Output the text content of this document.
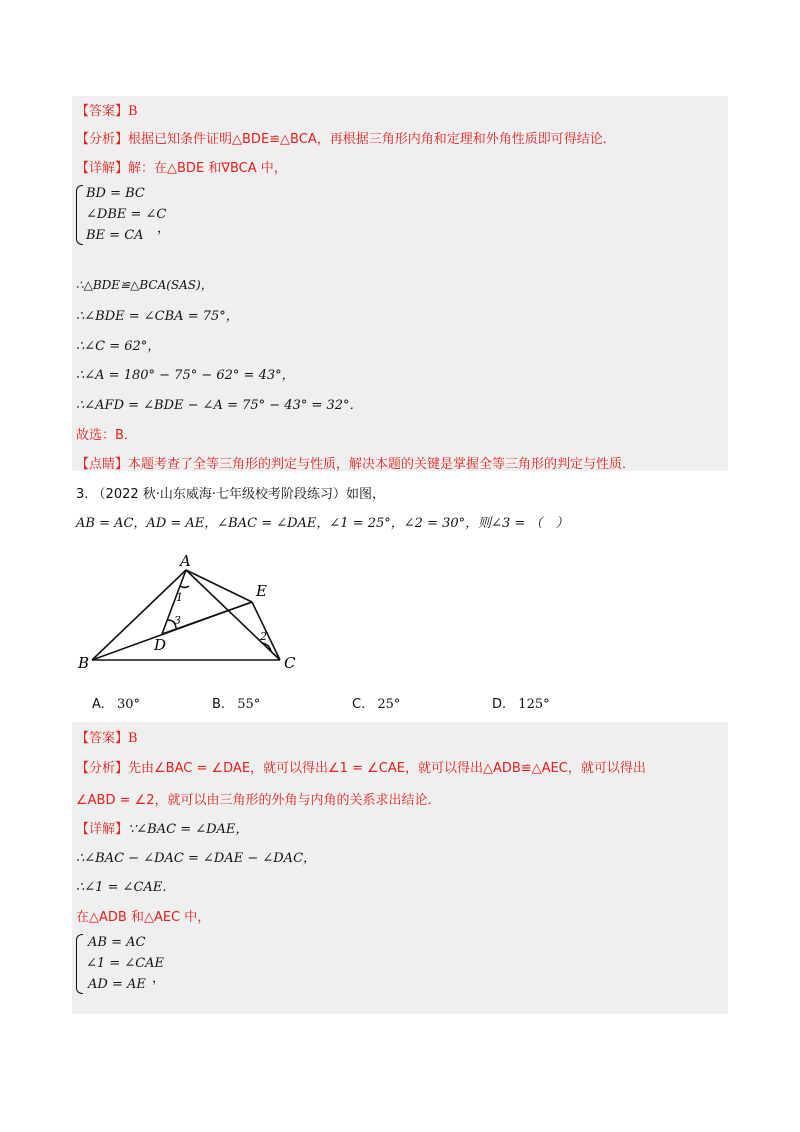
【答案】B
【分析】根据已知条件证明△BDE≌△BCA，再根据三角形内角和定理和外角性质即可得结论．
【详解】解：在△BDE 和∇BCA 中，
BD = BC
∠DBE = ∠C
BE = CA ，
∴△BDE≌△BCA(SAS)，
∴∠BDE = ∠CBA = 75°，
∴∠C = 62°，
∴∠A = 180° − 75° − 62° = 43°，
∴∠AFD = ∠BDE − ∠A = 75° − 43° = 32°．
故选：B．
【点睛】本题考查了全等三角形的判定与性质，解决本题的关键是掌握全等三角形的判定与性质．
3. （2022 秋·山东威海·七年级校考阶段练习）如图，
AB = AC，AD = AE，∠BAC = ∠DAE，∠1 = 25°，∠2 = 30°，则∠3 = （　）
A
B	C
D
E
1
3
2
A. 30°	B. 55°	C. 25°	D. 125°
【答案】B
【分析】先由∠BAC = ∠DAE，就可以得出∠1 = ∠CAE，就可以得出△ADB≌△AEC，就可以得出
∠ABD = ∠2，就可以由三角形的外角与内角的关系求出结论．
【详解】∵∠BAC = ∠DAE，
∴∠BAC − ∠DAC = ∠DAE − ∠DAC，
∴∠1 = ∠CAE．
在△ADB 和△AEC 中，
AB = AC
∠1 = ∠CAE
AD = AE ，
